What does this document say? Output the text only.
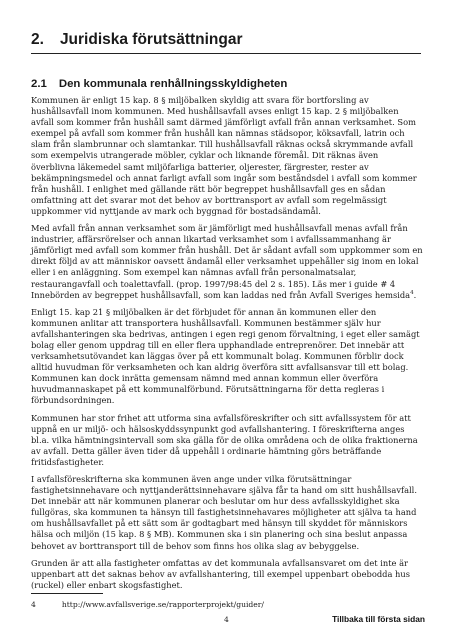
2. Juridiska förutsättningar
2.1 Den kommunala renhållningsskyldigheten

Kommunen är enligt 15 kap. 8 § miljöbalken skyldig att svara för bortforsling av hushållsavfall inom kommunen. Med hushållsavfall avses enligt 15 kap. 2 § miljöbalken avfall som kommer från hushåll samt därmed jämförligt avfall från annan verksamhet. Som exempel på avfall som kommer från hushåll kan nämnas städsopor, köksavfall, latrin och slam från slambrunnar och slamtankar. Till hushållsavfall räknas också skrymmande avfall som exempelvis utrangerade möbler, cyklar och liknande föremål. Dit räknas även överblivna läkemedel samt miljöfarliga batterier, oljerester, färgrester, rester av bekämpningsmedel och annat farligt avfall som ingår som beståndsdel i avfall som kommer från hushåll. I enlighet med gällande rätt bör begreppet hushållsavfall ges en sådan omfattning att det svarar mot det behov av borttransport av avfall som regelmässigt uppkommer vid nyttjande av mark och byggnad för bostadsändamål.

Med avfall från annan verksamhet som är jämförligt med hushållsavfall menas avfall från industrier, affärsrörelser och annan likartad verksamhet som i avfallssammanhang är jämförligt med avfall som kommer från hushåll. Det är sådant avfall som uppkommer som en direkt följd av att människor oavsett ändamål eller verksamhet uppehåller sig inom en lokal eller i en anläggning. Som exempel kan nämnas avfall från personalmatsalar, restaurangavfall och toalettavfall. (prop. 1997/98:45 del 2 s. 185). Läs mer i guide # 4 Innebörden av begreppet hushållsavfall, som kan laddas ned från Avfall Sveriges hemsida$^4$.

Enligt 15. kap 21 § miljöbalken är det förbjudet för annan än kommunen eller den kommunen anlitar att transportera hushållsavfall. Kommunen bestämmer själv hur avfallshanteringen ska bedrivas, antingen i egen regi genom förvaltning, i eget eller samägt bolag eller genom uppdrag till en eller flera upphandlade entreprenörer. Det innebär att verksamhetsutövandet kan läggas över på ett kommunalt bolag. Kommunen förblir dock alltid huvudman för verksamheten och kan aldrig överföra sitt avfallsansvar till ett bolag. Kommunen kan dock inrätta gemensam nämnd med annan kommun eller överföra huvudmannaskapet på ett kommunalförbund. Förutsättningarna för detta regleras i förbundsordningen.

Kommunen har stor frihet att utforma sina avfallsföreskrifter och sitt avfallssystem för att uppnå en ur miljö- och hälsoskyddssynpunkt god avfallshantering. I föreskrifterna anges bl.a. vilka hämtningsintervall som ska gälla för de olika områdena och de olika fraktionerna av avfall. Detta gäller även tider då uppehåll i ordinarie hämtning görs beträffande fritidsfastigheter.

I avfallsföreskrifterna ska kommunen även ange under vilka förutsättningar fastighetsinnehavare och nyttjanderättsinnehavare själva får ta hand om sitt hushållsavfall. Det innebär att när kommunen planerar och beslutar om hur dess avfallsskyldighet ska fullgöras, ska kommunen ta hänsyn till fastighetsinnehavares möjligheter att själva ta hand om hushållsavfallet på ett sätt som är godtagbart med hänsyn till skyddet för människors hälsa och miljön (15 kap. 8 § MB). Kommunen ska i sin planering och sina beslut anpassa behovet av borttransport till de behov som finns hos olika slag av bebyggelse.

Grunden är att alla fastigheter omfattas av det kommunala avfallsansvaret om det inte är uppenbart att det saknas behov av avfallshantering, till exempel uppenbart obebodda hus (ruckel) eller enbart skogsfastighet.

4	http://www.avfallsverige.se/rapporterprojekt/guider/
4	Tillbaka till första sidan
